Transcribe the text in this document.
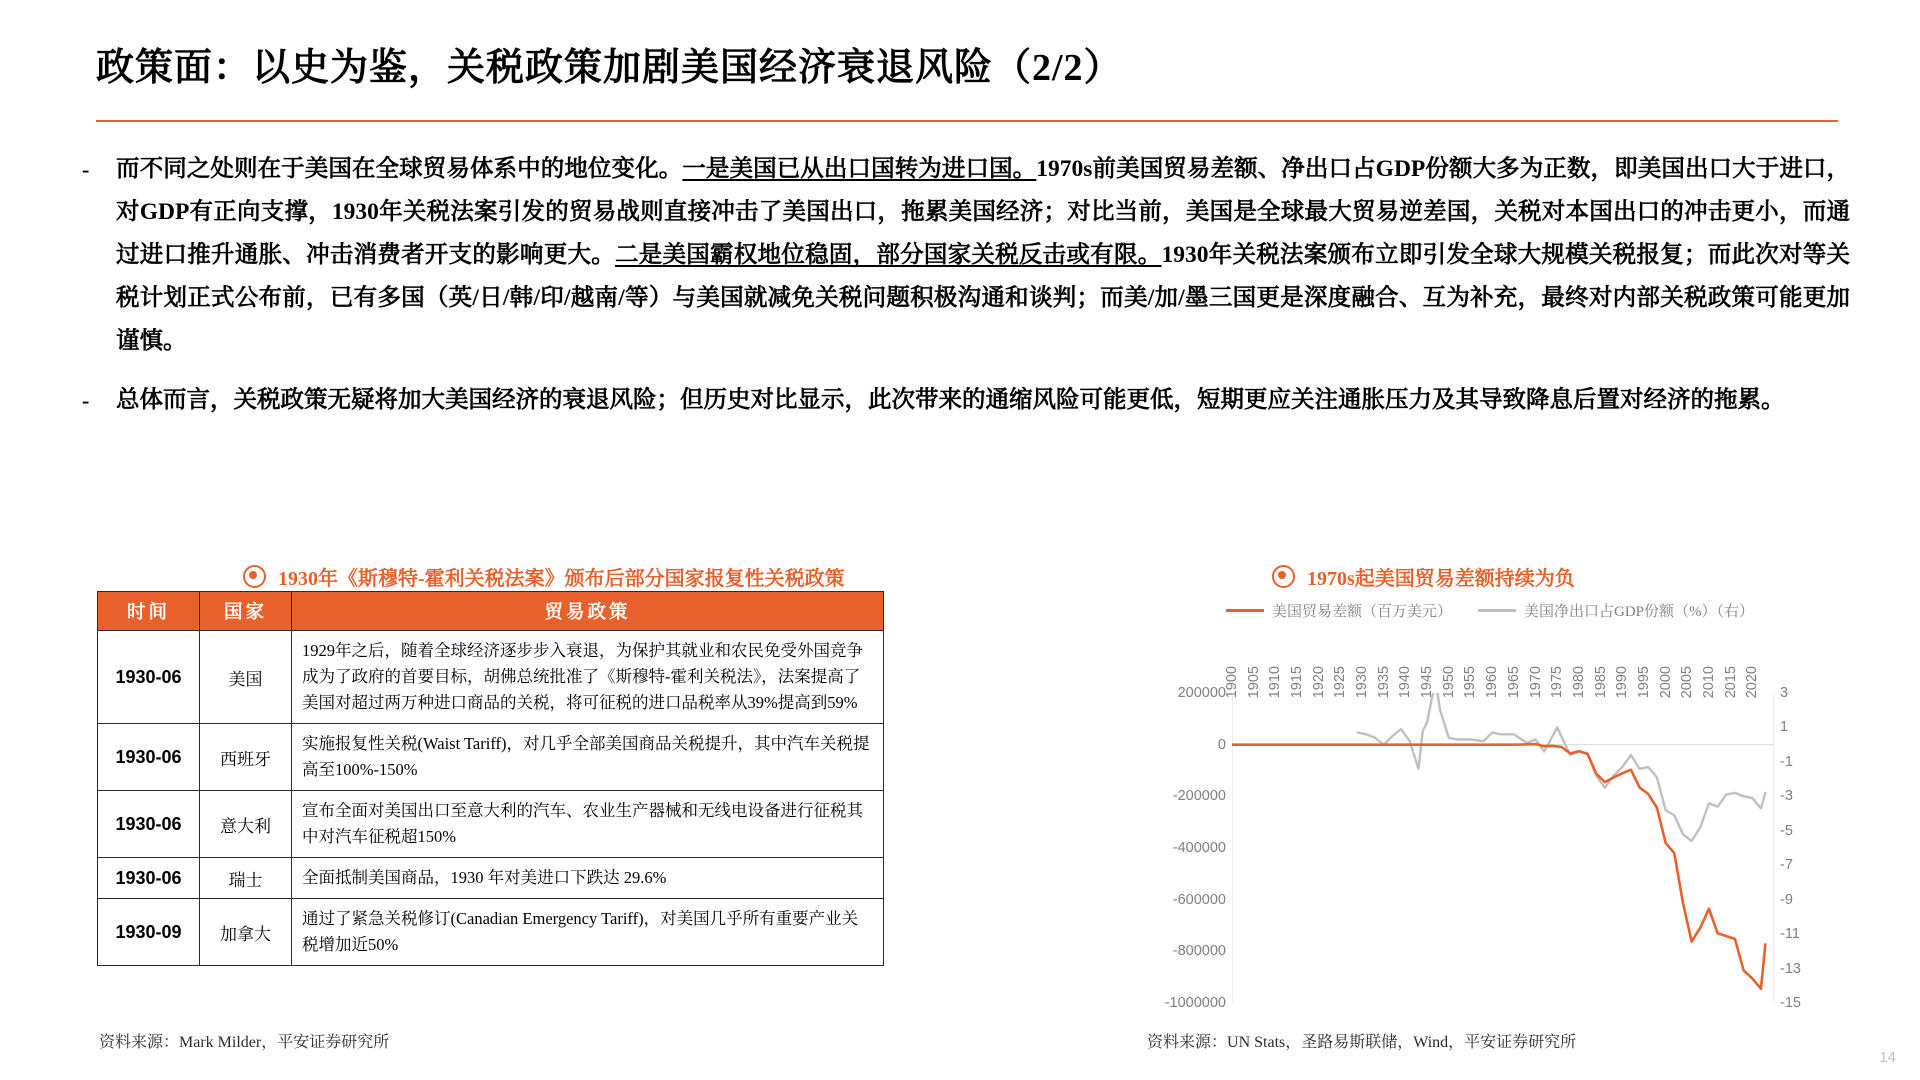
政策面：以史为鉴，关税政策加剧美国经济衰退风险（2/2）
-	而不同之处则在于美国在全球贸易体系中的地位变化。一是美国已从出口国转为进口国。1970s前美国贸易差额、净出口占GDP份额大多为正数，即美国出口大于进口，对GDP有正向支撑，1930年关税法案引发的贸易战则直接冲击了美国出口，拖累美国经济；对比当前，美国是全球最大贸易逆差国，关税对本国出口的冲击更小，而通过进口推升通胀、冲击消费者开支的影响更大。二是美国霸权地位稳固，部分国家关税反击或有限。1930年关税法案颁布立即引发全球大规模关税报复；而此次对等关税计划正式公布前，已有多国（英/日/韩/印/越南/等）与美国就减免关税问题积极沟通和谈判；而美/加/墨三国更是深度融合、互为补充，最终对内部关税政策可能更加谨慎。
-	总体而言，关税政策无疑将加大美国经济的衰退风险；但历史对比显示，此次带来的通缩风险可能更低，短期更应关注通胀压力及其导致降息后置对经济的拖累。
1930年《斯穆特-霍利关税法案》颁布后部分国家报复性关税政策
时间	国家	贸易政策
1930-06	美国	1929年之后，随着全球经济逐步步入衰退，为保护其就业和农民免受外国竞争成为了政府的首要目标，胡佛总统批准了《斯穆特-霍利关税法》，法案提高了美国对超过两万种进口商品的关税，将可征税的进口品税率从39%提高到59%
1930-06	西班牙	实施报复性关税(Waist Tariff)，对几乎全部美国商品关税提升，其中汽车关税提高至100%-150%
1930-06	意大利	宣布全面对美国出口至意大利的汽车、农业生产器械和无线电设备进行征税其中对汽车征税超150%
1930-06	瑞士	全面抵制美国商品，1930 年对美进口下跌达 29.6%
1930-09	加拿大	通过了紧急关税修订(Canadian Emergency Tariff)，对美国几乎所有重要产业关税增加近50%
资料来源：Mark Milder，平安证券研究所
1970s起美国贸易差额持续为负
美国贸易差额（百万美元）	美国净出口占GDP份额（%）（右）
1900 1905 1910 1915 1920 1925 1930 1935 1940 1945 1950 1955 1960 1965 1970 1975 1980 1985 1990 1995 2000 2005 2010 2015 2020
200000
0
-200000
-400000
-600000
-800000
-1000000
3
1
-1
-3
-5
-7
-9
-11
-13
-15
资料来源：UN Stats，圣路易斯联储，Wind，平安证券研究所
14
